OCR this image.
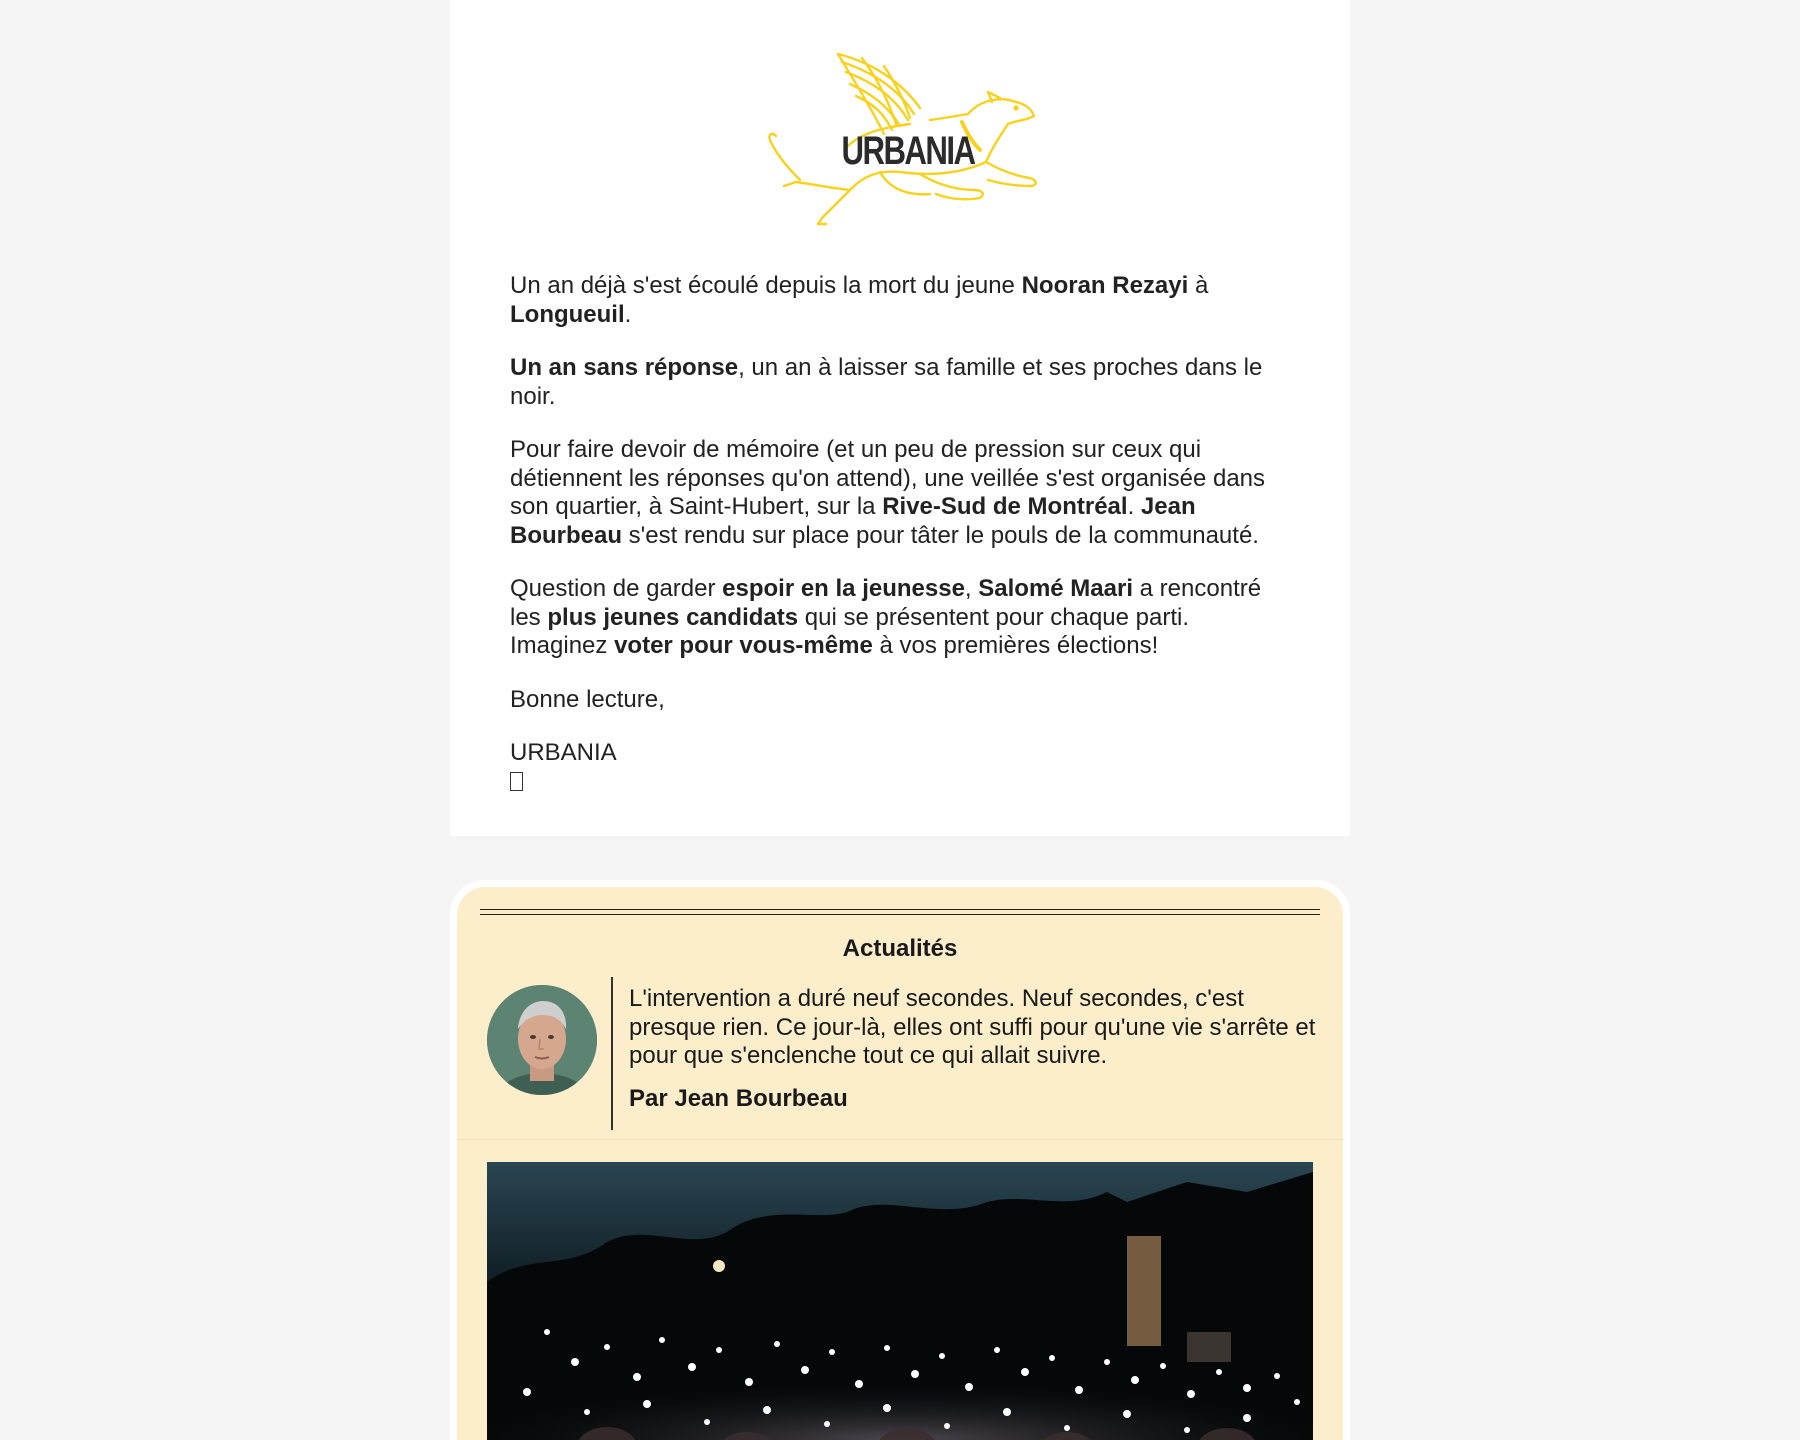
URBANIA

Un an déjà s'est écoulé depuis la mort du jeune Nooran Rezayi à Longueuil.

Un an sans réponse, un an à laisser sa famille et ses proches dans le noir.

Pour faire devoir de mémoire (et un peu de pression sur ceux qui détiennent les réponses qu'on attend), une veillée s'est organisée dans son quartier, à Saint-Hubert, sur la Rive-Sud de Montréal. Jean Bourbeau s'est rendu sur place pour tâter le pouls de la communauté.

Question de garder espoir en la jeunesse, Salomé Maari a rencontré les plus jeunes candidats qui se présentent pour chaque parti. Imaginez voter pour vous-même à vos premières élections!

Bonne lecture,

URBANIA

Actualités
L'intervention a duré neuf secondes. Neuf secondes, c'est presque rien. Ce jour-là, elles ont suffi pour qu'une vie s'arrête et pour que s'enclenche tout ce qui allait suivre.
Par Jean Bourbeau
